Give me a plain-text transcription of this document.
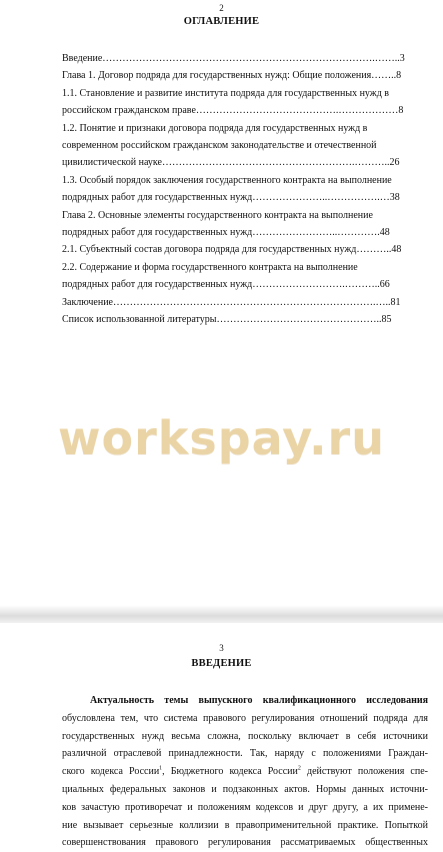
2
ОГЛАВЛЕНИЕ
Введение……………………………………………………………………….……..3
Глава 1. Договор подряда для государственных нужд: Общие положения……..8
1.1. Становление и развитие института подряда для государственных нужд в
российском гражданском праве…………………………………….………………8
1.2. Понятие и признаки договора подряда для государственных нужд в
современном российском гражданском законодательстве и отечественной
цивилистической науке………………………………………………….………..26
1.3. Особый порядок заключения государственного контракта на выполнение
подрядных работ для государственных нужд…………………..…………….…38
Глава 2. Основные элементы государственного контракта на выполнение
подрядных работ для государственных нужд……………………..………….48
2.1. Субъектный состав договора подряда для государственных нужд………..48
2.2. Содержание и форма государственного контракта на выполнение
подрядных работ для государственных нужд……………………….………..66
Заключение…………………………………………………………………….…..81
Список использованной литературы…………………………………………..85
workspay.ru
3
ВВЕДЕНИЕ

Актуальность темы выпускного квалификационного исследования

обусловлена тем, что система правового регулирования отношений подряда для

государственных нужд весьма сложна, поскольку включает в себя источники

различной отраслевой принадлежности. Так, наряду с положениями Граждан-

ского кодекса России$^1$, Бюджетного кодекса России$^2$ действуют положения спе-

циальных федеральных законов и подзаконных актов. Нормы данных источни-

ков зачастую противоречат и положениям кодексов и друг другу, а их примене-

ние вызывает серьезные коллизии в правоприменительной практике. Попыткой

совершенствования правового регулирования рассматриваемых общественных
